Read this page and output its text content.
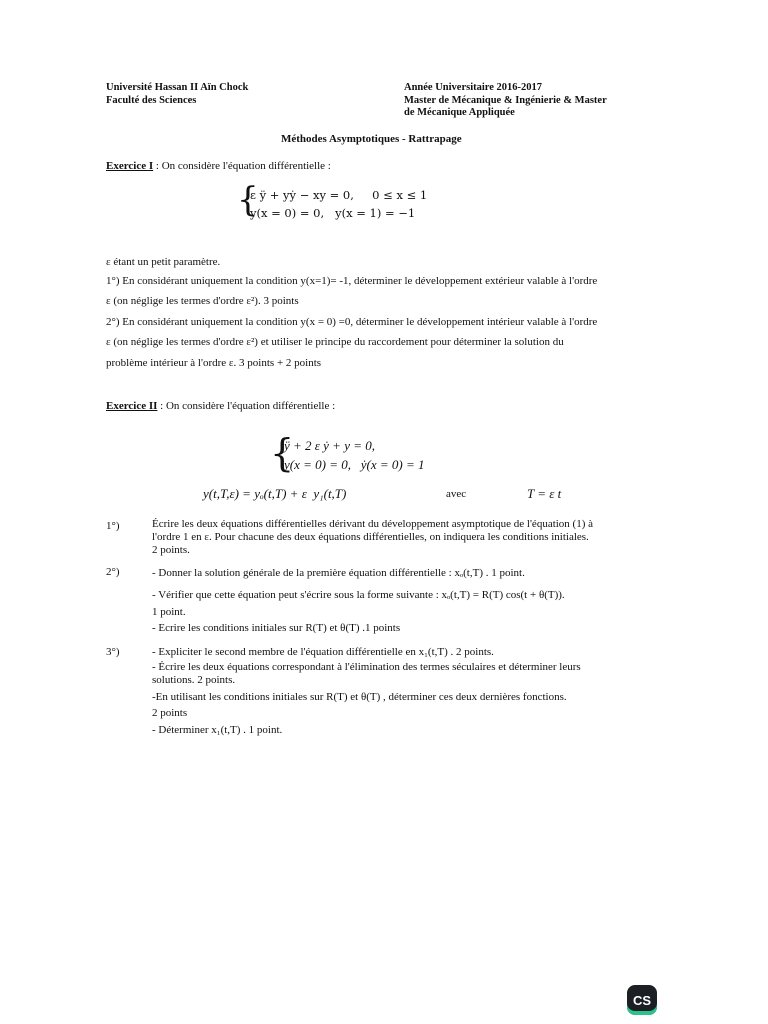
Université Hassan II Aïn Chock
Faculté des Sciences
Année Universitaire 2016-2017
Master de Mécanique & Ingénierie & Master
de Mécanique Appliquée
Méthodes Asymptotiques - Rattrapage
Exercice I : On considère l'équation différentielle :
{
ε ÿ + yẏ − xy = 0,     0 ≤ x ≤ 1
y(x = 0) = 0,   y(x = 1) = −1
ε étant un petit paramètre.
1°) En considérant uniquement la condition y(x=1)= -1, déterminer le développement extérieur valable à l'ordre
ε (on néglige les termes d'ordre ε²). 3 points
2°) En considérant uniquement la condition y(x = 0) =0, déterminer le développement intérieur valable à l'ordre
ε (on néglige les termes d'ordre ε²) et utiliser le principe du raccordement pour déterminer la solution du
problème intérieur à l'ordre ε. 3 points + 2 points
Exercice II : On considère l'équation différentielle :
{
ÿ + 2 ε ẏ + y = 0,
y(x = 0) = 0,   ẏ(x = 0) = 1
y(t,T,ε) = yₒ(t,T) + ε  y₁(t,T)	avec	T = ε t
1°)	Écrire les deux équations différentielles dérivant du développement asymptotique de l'équation (1) à
l'ordre 1 en ε. Pour chacune des deux équations différentielles, on indiquera les conditions initiales.
2 points.
2°)	- Donner la solution générale de la première équation différentielle : xₒ(t,T) . 1 point.
- Vérifier que cette équation peut s'écrire sous la forme suivante : xₒ(t,T) = R(T) cos(t + θ(T)).
1 point.
- Ecrire les conditions initiales sur R(T) et θ(T) .1 points
3°)	- Expliciter le second membre de l'équation différentielle en x₁(t,T) . 2 points.
- Écrire les deux équations correspondant à l'élimination des termes séculaires et déterminer leurs
solutions. 2 points.
-En utilisant les conditions initiales sur R(T) et θ(T) , déterminer ces deux dernières fonctions.
2 points
- Déterminer x₁(t,T) . 1 point.
CS
